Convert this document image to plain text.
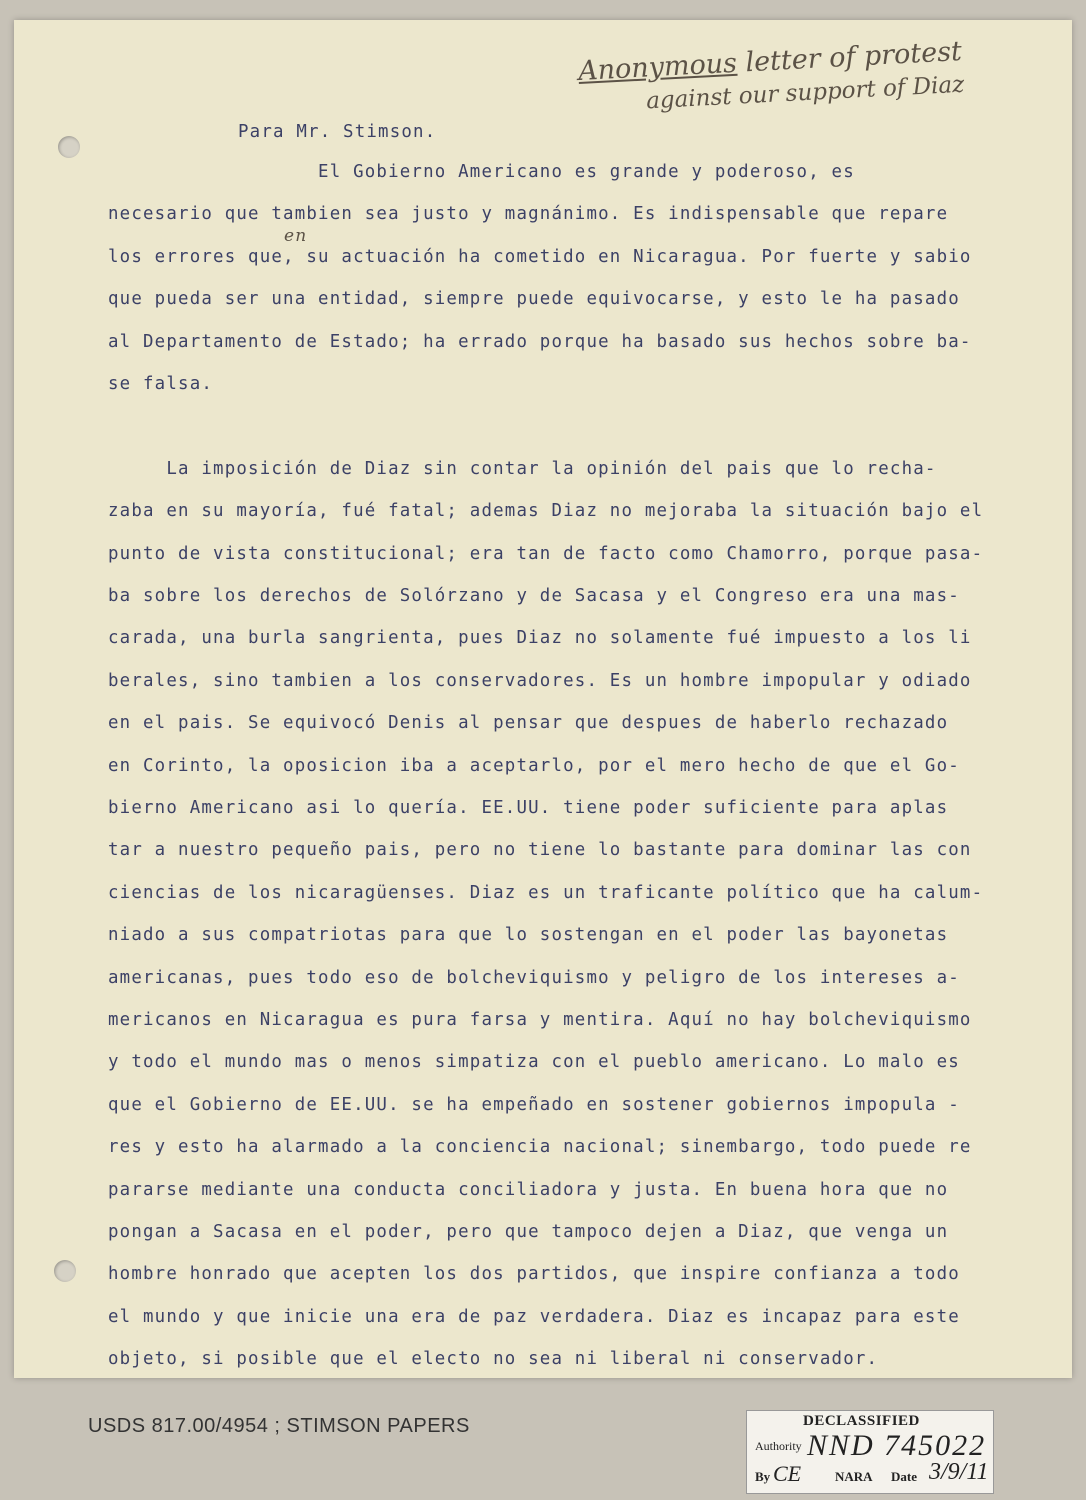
Anonymous letter of protest
against our support of Diaz

Para Mr. Stimson.

en

El Gobierno Americano es grande y poderoso, es
necesario que tambien sea justo y magnánimo. Es indispensable que repare
los errores que, su actuación ha cometido en Nicaragua. Por fuerte y sabio
que pueda ser una entidad, siempre puede equivocarse, y esto le ha pasado
al Departamento de Estado; ha errado porque ha basado sus hechos sobre ba-
se falsa.
La imposición de Diaz sin contar la opinión del pais que lo recha-
zaba en su mayoría, fué fatal; ademas Diaz no mejoraba la situación bajo el
punto de vista constitucional; era tan de facto como Chamorro, porque pasa-
ba sobre los derechos de Solórzano y de Sacasa y el Congreso era una mas-
carada, una burla sangrienta, pues Diaz no solamente fué impuesto a los li
berales, sino tambien a los conservadores. Es un hombre impopular y odiado
en el pais. Se equivocó Denis al pensar que despues de haberlo rechazado
en Corinto, la oposicion iba a aceptarlo, por el mero hecho de que el Go-
bierno Americano asi lo quería. EE.UU. tiene poder suficiente para aplas
tar a nuestro pequeño pais, pero no tiene lo bastante para dominar las con
ciencias de los nicaragüenses. Diaz es un traficante político que ha calum-
niado a sus compatriotas para que lo sostengan en el poder las bayonetas
americanas, pues todo eso de bolcheviquismo y peligro de los intereses a-
mericanos en Nicaragua es pura farsa y mentira. Aquí no hay bolcheviquismo
y todo el mundo mas o menos simpatiza con el pueblo americano. Lo malo es
que el Gobierno de EE.UU. se ha empeñado en sostener gobiernos impopula -
res y esto ha alarmado a la conciencia nacional; sinembargo, todo puede re
pararse mediante una conducta conciliadora y justa. En buena hora que no
pongan a Sacasa en el poder, pero que tampoco dejen a Diaz, que venga un
hombre honrado que acepten los dos partidos, que inspire confianza a todo
el mundo y que inicie una era de paz verdadera. Diaz es incapaz para este
objeto, si posible que el electo no sea ni liberal ni conservador.

USDS 817.00/4954 ; STIMSON PAPERS	DECLASSIFIED
Authority NND 745022
By CE	NARA Date 3/9/11
